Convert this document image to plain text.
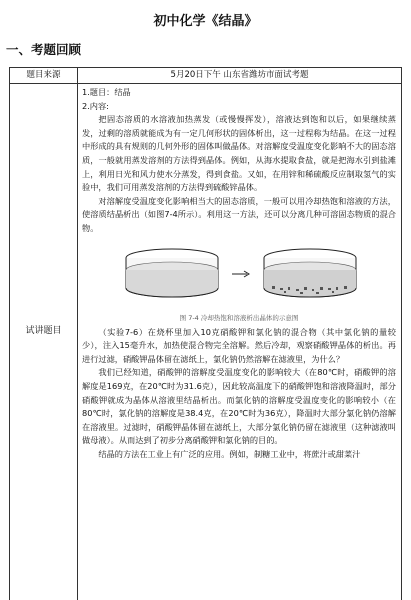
初中化学《结晶》
一、考题回顾
题目来源	5月20日下午 山东省潍坊市面试考题
试讲题目

1.题目：结晶

2.内容:

把固态溶质的水溶液加热蒸发（或慢慢挥发），溶液达到饱和以后，如果继续蒸发，过剩的溶质就能成为有一定几何形状的固体析出，这一过程称为结晶。在这一过程中形成的具有规则的几何外形的固体叫做晶体。对溶解度受温度变化影响不大的固态溶质，一般就用蒸发溶剂的方法得到晶体。例如，从海水提取食盐，就是把海水引到盐滩上，利用日光和风力使水分蒸发，得到食盐。又如，在用锌和稀硫酸反应制取氢气的实验中，我们可用蒸发溶剂的方法得到硫酸锌晶体。

对溶解度受温度变化影响相当大的固态溶质，一般可以用冷却热饱和溶液的方法，使溶质结晶析出（如图7-4所示）。利用这一方法，还可以分离几种可溶固态物质的混合物。

图 7-4 冷却热饱和溶液析出晶体的示意图

（实验7-6）在烧杯里加入10克硝酸钾和氯化钠的混合物（其中氯化钠的量较少），注入15毫升水，加热使混合物完全溶解。然后冷却，观察硝酸钾晶体的析出。再进行过滤，硝酸钾晶体留在滤纸上，氯化钠仍然溶解在滤液里，为什么？

我们已经知道，硝酸钾的溶解度受温度变化的影响较大（在80℃时，硝酸钾的溶解度是169克，在20℃时为31.6克），因此较高温度下的硝酸钾饱和溶液降温时，部分硝酸钾就成为晶体从溶液里结晶析出。而氯化钠的溶解度受温度变化的影响较小（在80℃时，氯化钠的溶解度是38.4克，在20℃时为36克），降温时大部分氯化钠仍溶解在溶液里。过滤时，硝酸钾晶体留在滤纸上，大部分氯化钠仍留在滤液里（这种滤液叫做母液）。从而达到了初步分离硝酸钾和氯化钠的目的。

结晶的方法在工业上有广泛的应用。例如，制糖工业中，将蔗汁或甜菜汁
